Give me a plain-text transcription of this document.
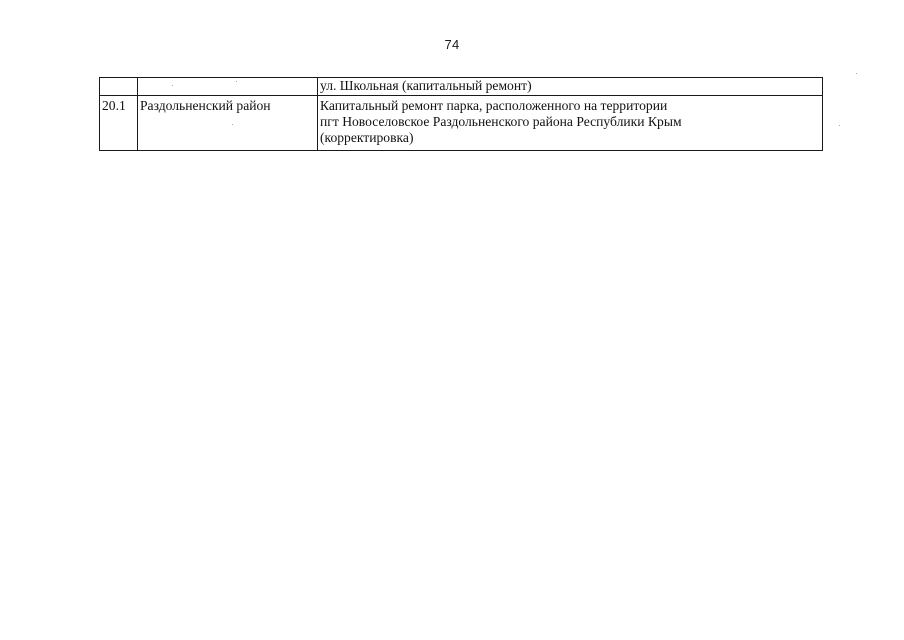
74

		ул. Школьная (капитальный ремонт)

20.1	Раздольненский район	Капитальный ремонт парка, расположенного на территории
пгт Новоселовское Раздольненского района Республики Крым
(корректировка)
